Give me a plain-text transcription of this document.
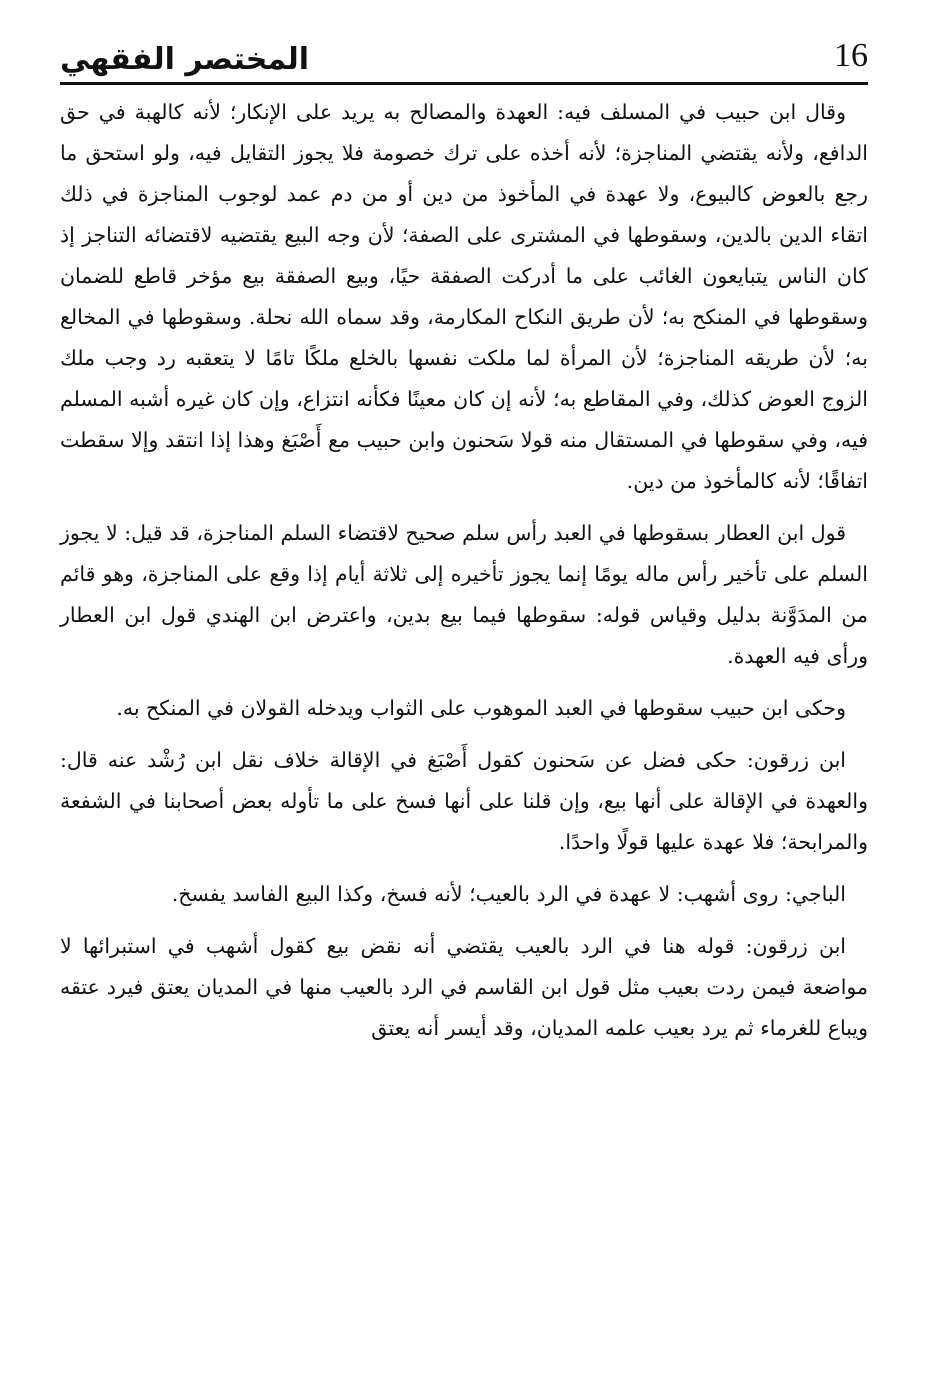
المختصر الفقهي	16

وقال ابن حبيب في المسلف فيه: العهدة والمصالح به يريد على الإنكار؛ لأنه كالهبة في حق الدافع، ولأنه يقتضي المناجزة؛ لأنه أخذه على ترك خصومة فلا يجوز التقايل فيه، ولو استحق ما رجع بالعوض كالبيوع، ولا عهدة في المأخوذ من دين أو من دم عمد لوجوب المناجزة في ذلك اتقاء الدين بالدين، وسقوطها في المشترى على الصفة؛ لأن وجه البيع يقتضيه لاقتضائه التناجز إذ كان الناس يتبايعون الغائب على ما أدركت الصفقة حيًا، وبيع الصفقة بيع مؤخر قاطع للضمان وسقوطها في المنكح به؛ لأن طريق النكاح المكارمة، وقد سماه الله نحلة. وسقوطها في المخالع به؛ لأن طريقه المناجزة؛ لأن المرأة لما ملكت نفسها بالخلع ملكًا تامًا لا يتعقبه رد وجب ملك الزوج العوض كذلك، وفي المقاطع به؛ لأنه إن كان معينًا فكأنه انتزاع، وإن كان غيره أشبه المسلم فيه، وفي سقوطها في المستقال منه قولا سَحنون وابن حبيب مع أَصْبَغ وهذا إذا انتقد وإلا سقطت اتفاقًا؛ لأنه كالمأخوذ من دين.

قول ابن العطار بسقوطها في العبد رأس سلم صحيح لاقتضاء السلم المناجزة، قد قيل: لا يجوز السلم على تأخير رأس ماله يومًا إنما يجوز تأخيره إلى ثلاثة أيام إذا وقع على المناجزة، وهو قائم من المدَوَّنة بدليل وقياس قوله: سقوطها فيما بيع بدين، واعترض ابن الهندي قول ابن العطار ورأى فيه العهدة.

وحكى ابن حبيب سقوطها في العبد الموهوب على الثواب ويدخله القولان في المنكح به.

ابن زرقون: حكى فضل عن سَحنون كقول أَصْبَغ في الإقالة خلاف نقل ابن رُشْد عنه قال: والعهدة في الإقالة على أنها بيع، وإن قلنا على أنها فسخ على ما تأوله بعض أصحابنا في الشفعة والمرابحة؛ فلا عهدة عليها قولًا واحدًا.

الباجي: روى أشهب: لا عهدة في الرد بالعيب؛ لأنه فسخ، وكذا البيع الفاسد يفسخ.

ابن زرقون: قوله هنا في الرد بالعيب يقتضي أنه نقض بيع كقول أشهب في استبرائها لا مواضعة فيمن ردت بعيب مثل قول ابن القاسم في الرد بالعيب منها في المديان يعتق فيرد عتقه ويباع للغرماء ثم يرد بعيب علمه المديان، وقد أيسر أنه يعتق
